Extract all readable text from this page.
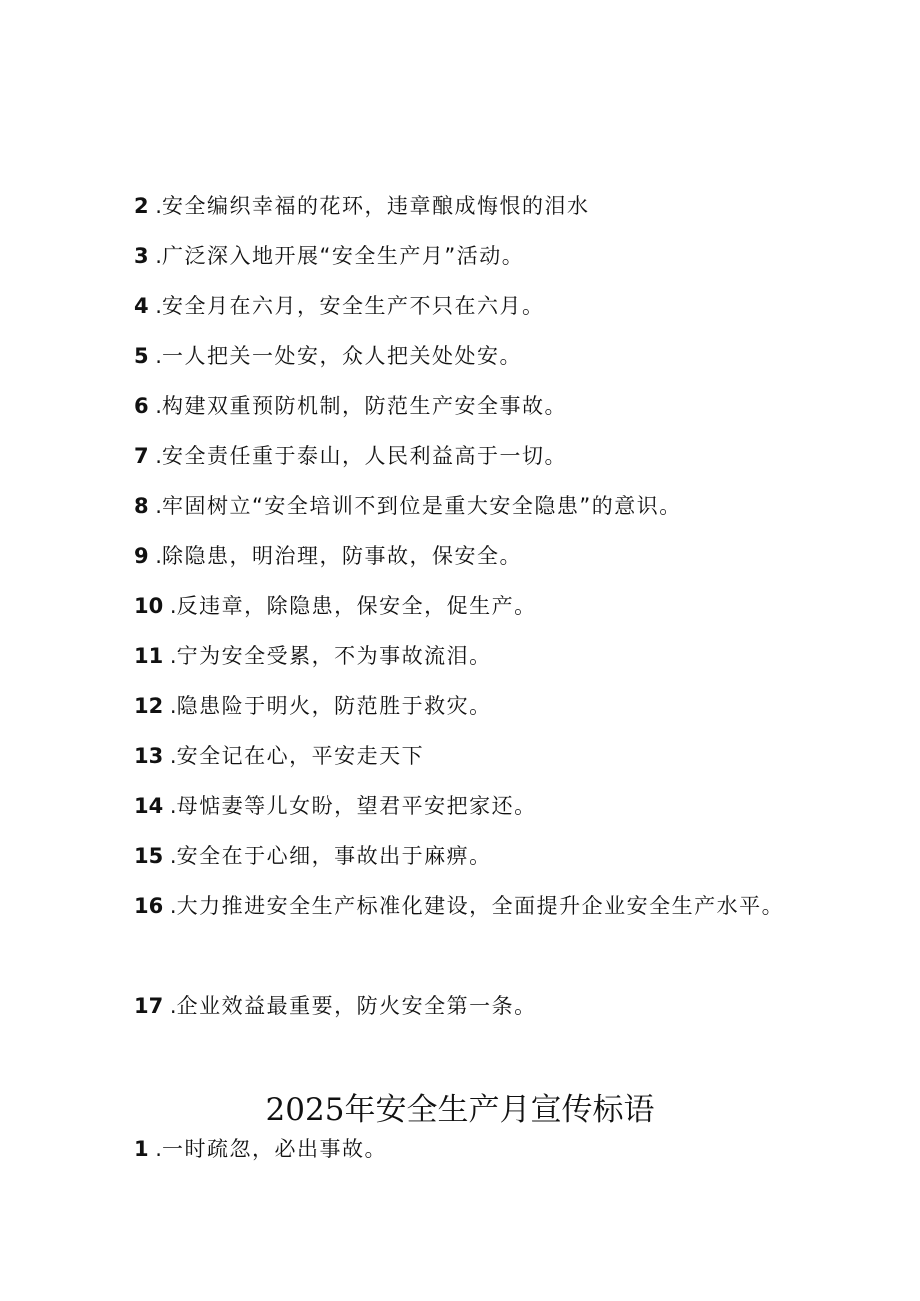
2 .安全编织幸福的花环，违章酿成悔恨的泪水
3 .广泛深入地开展“安全生产月”活动。
4 .安全月在六月，安全生产不只在六月。
5 .一人把关一处安，众人把关处处安。
6 .构建双重预防机制，防范生产安全事故。
7 .安全责任重于泰山，人民利益高于一切。
8 .牢固树立“安全培训不到位是重大安全隐患”的意识。
9 .除隐患，明治理，防事故，保安全。
10 .反违章，除隐患，保安全，促生产。
11 .宁为安全受累，不为事故流泪。
12 .隐患险于明火，防范胜于救灾。
13 .安全记在心，平安走天下
14 .母惦妻等儿女盼，望君平安把家还。
15 .安全在于心细，事故出于麻痹。
16 .大力推进安全生产标准化建设，全面提升企业安全生产水平。
17 .企业效益最重要，防火安全第一条。
2025年安全生产月宣传标语
1 .一时疏忽，必出事故。
